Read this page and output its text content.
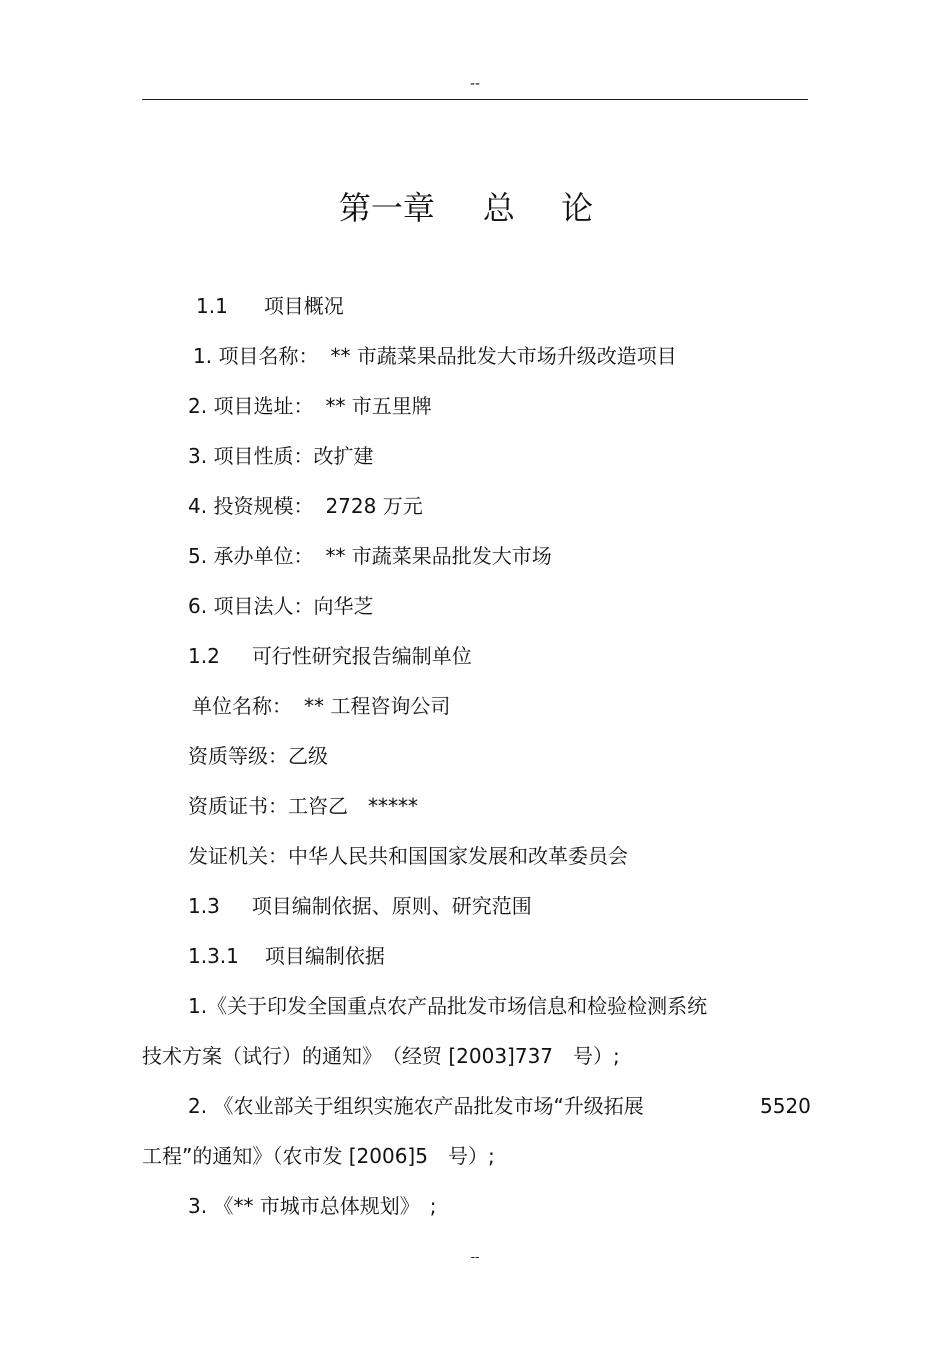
--
第一章 总 论
1.1 项目概况
1. 项目名称： ** 市蔬菜果品批发大市场升级改造项目
2. 项目选址： ** 市五里牌
3. 项目性质：改扩建
4. 投资规模： 2728 万元
5. 承办单位： ** 市蔬菜果品批发大市场
6. 项目法人：向华芝
1.2 可行性研究报告编制单位
单位名称： ** 工程咨询公司
资质等级：乙级
资质证书：工咨乙　*****
发证机关：中华人民共和国国家发展和改革委员会
1.3 项目编制依据、原则、研究范围
1.3.1 项目编制依据
1.《关于印发全国重点农产品批发市场信息和检验检测系统
技术方案（试行）的通知》　（经贸 [2003]737　号）;
2. 《农业部关于组织实施农产品批发市场“升级拓展	5520
工程”的通知》（农市发 [2006]5　号）;
3. 《** 市城市总体规划》　;
--
